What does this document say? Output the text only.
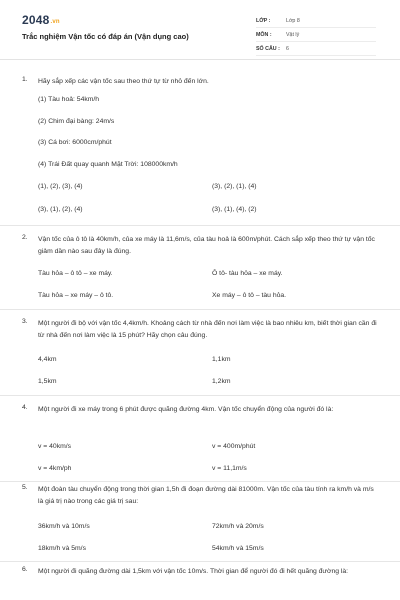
2048.vn
Trắc nghiệm Vận tốc có đáp án (Vận dụng cao)
LỚP :	Lớp 8
MÔN :	Vật lý
SỐ CÂU :	6
1. Hãy sắp xếp các vận tốc sau theo thứ tự từ nhỏ đến lớn.
(1) Tàu hoả: 54km/h
(2) Chim đại bàng: 24m/s
(3) Cá bơi: 6000cm/phút
(4) Trái Đất quay quanh Mặt Trời: 108000km/h
(1), (2), (3), (4)	(3), (2), (1), (4)
(3), (1), (2), (4)	(3), (1), (4), (2)
2. Vận tốc của ô tô là 40km/h, của xe máy là 11,6m/s, của tàu hoả là 600m/phút. Cách sắp xếp theo thứ tự vận tốc giảm dần nào sau đây là đúng.
Tàu hỏa – ô tô – xe máy.	Ô tô- tàu hỏa – xe máy.
Tàu hỏa – xe máy – ô tô.	Xe máy – ô tô – tàu hỏa.
3. Một người đi bộ với vận tốc 4,4km/h. Khoảng cách từ nhà đến nơi làm việc là bao nhiêu km, biết thời gian cần đi từ nhà đến nơi làm việc là 15 phút? Hãy chọn câu đúng.
4,4km	1,1km
1,5km	1,2km
4. Một người đi xe máy trong 6 phút được quãng đường 4km. Vận tốc chuyển động của người đó là:
v = 40km/s	v = 400m/phút
v = 4km/ph	v = 11,1m/s
5. Một đoàn tàu chuyển động trong thời gian 1,5h đi đoạn đường dài 81000m. Vận tốc của tàu tính ra km/h và m/s là giá trị nào trong các giá trị sau:
36km/h và 10m/s	72km/h và 20m/s
18km/h và 5m/s	54km/h và 15m/s
6. Một người đi quãng đường dài 1,5km với vận tốc 10m/s. Thời gian để người đó đi hết quãng đường là:
